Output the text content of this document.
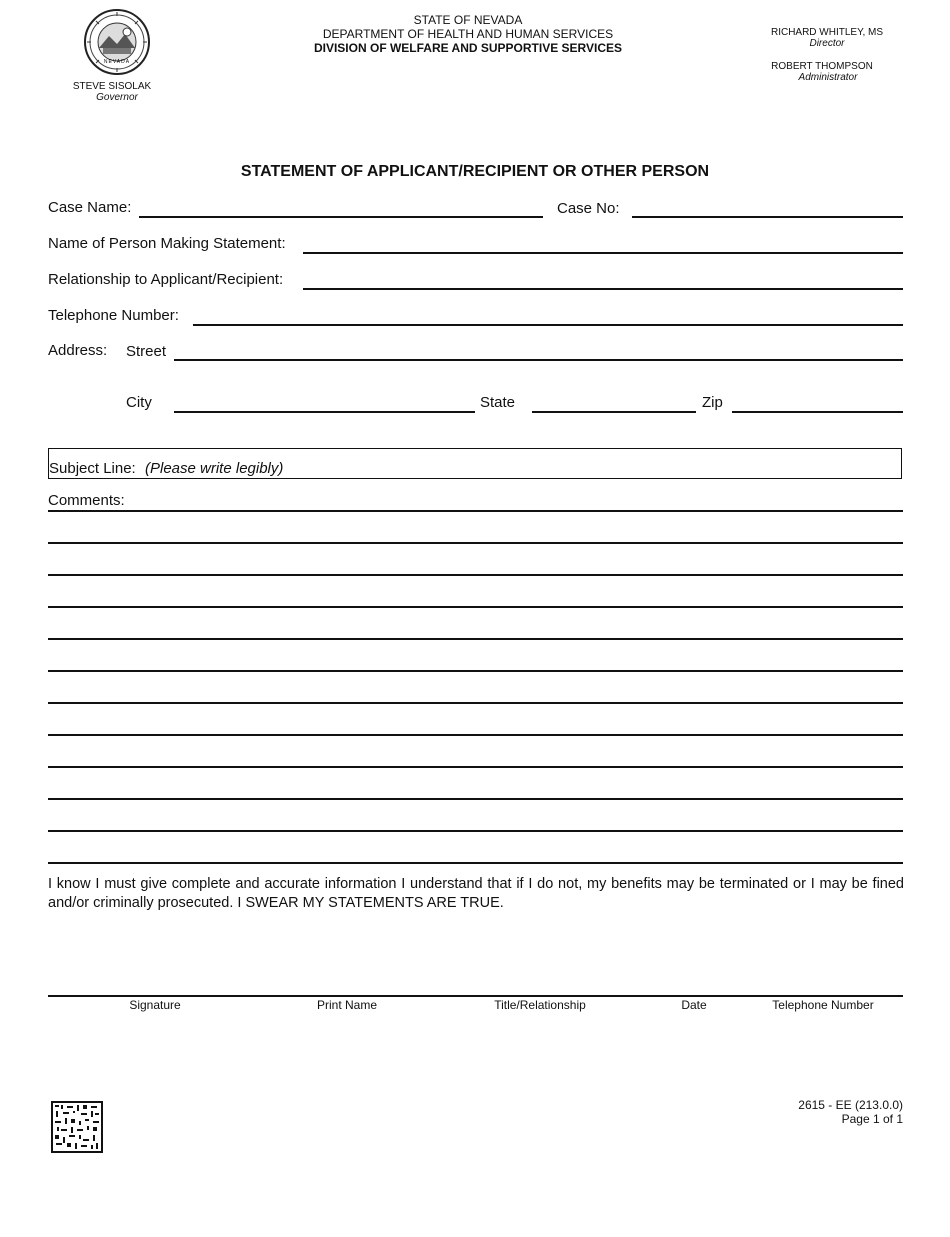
NEVADA
STEVE SISOLAK
Governor
STATE OF NEVADA
DEPARTMENT OF HEALTH AND HUMAN SERVICES
DIVISION OF WELFARE AND SUPPORTIVE SERVICES
RICHARD WHITLEY, MS
Director
ROBERT THOMPSON
Administrator
STATEMENT OF APPLICANT/RECIPIENT OR OTHER PERSON
Case Name:	Case No:
Name of Person Making Statement:
Relationship to Applicant/Recipient:
Telephone Number:
Address: Street
City	State	Zip
Subject Line: (Please write legibly)
Comments:
I know I must give complete and accurate information I understand that if I do not, my benefits may be terminated or I may be fined and/or criminally prosecuted. I SWEAR MY STATEMENTS ARE TRUE.
Signature	Print Name	Title/Relationship	Date	Telephone Number
2615 - EE (213.0.0)
Page 1 of 1
